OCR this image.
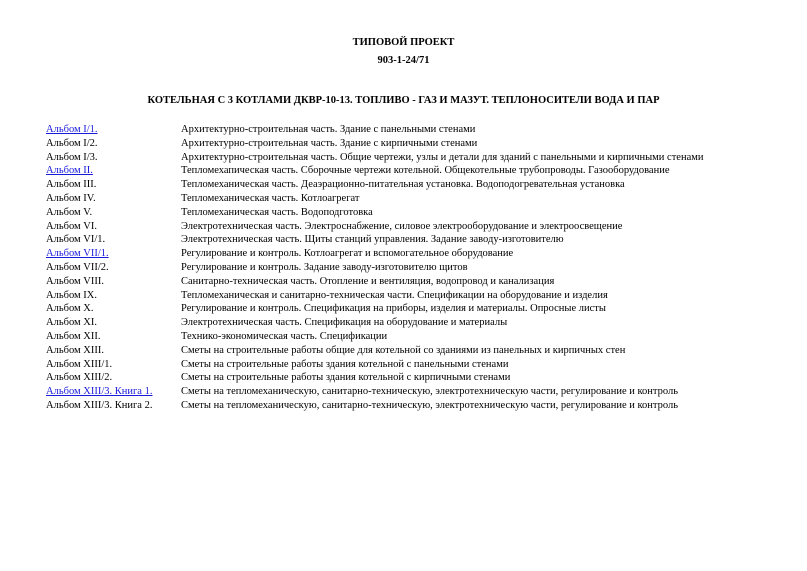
ТИПОВОЙ ПРОЕКТ
903-1-24/71
КОТЕЛЬНАЯ С 3 КОТЛАМИ ДКВР-10-13. ТОПЛИВО - ГАЗ И МАЗУТ. ТЕПЛОНОСИТЕЛИ ВОДА И ПАР
Альбом I/1.	Архитектурно-строительная часть. Здание с панельными стенами
Альбом I/2.	Архитектурно-строительная часть. Здание с кирпичными стенами
Альбом I/3.	Архитектурно-строительная часть. Общие чертежи, узлы и детали для зданий с панельными и кирпичными стенами
Альбом II.	Тепломехапическая часть. Сборочные чертежи котельной. Общекотельные трубопроводы. Газооборудование
Альбом III.	Тепломеханическая часть. Деаэрационно-питательная установка. Водоподогревательная установка
Альбом IV.	Тепломеханическая часть. Котлоагрегат
Альбом V.	Тепломеханическая часть. Водоподготовка
Альбом VI.	Электротехническая часть. Электроснабжение, силовое электрооборудование и электроосвещение
Альбом VI/1.	Электротехническая часть. Щиты станций управления. Задание заводу-изготовителю
Альбом VII/1.	Регулирование и контроль. Котлоагрегат и вспомогательное оборудование
Альбом VII/2.	Регулирование и контроль. Задание заводу-изготовителю щитов
Альбом VIII.	Санитарно-техническая часть. Отопление и вентиляция, водопровод и канализация
Альбом IX.	Тепломеханическая и санитарно-техническая части. Спецификации на оборудование и изделия
Альбом X.	Регулирование и контроль. Спецификация на приборы, изделия и материалы. Опросные листы
Альбом XI.	Электротехническая часть. Спецификация на оборудование и материалы
Альбом XII.	Технико-экономическая часть. Спецификации
Альбом XIII.	Сметы на строительные работы общие для котельной со зданиями из панельных и кирпичных стен
Альбом XIII/1.	Сметы на строительные работы здания котельной с панельными стенами
Альбом XIII/2.	Сметы на строительные работы здания котельной с кирпичными стенами
Альбом XIII/3. Книга 1.	Сметы на тепломеханическую, санитарно-техническую, электротехническую части, регулирование и контроль
Альбом XIII/3. Книга 2.	Сметы на тепломеханическую, санитарно-техническую, электротехническую части, регулирование и контроль
